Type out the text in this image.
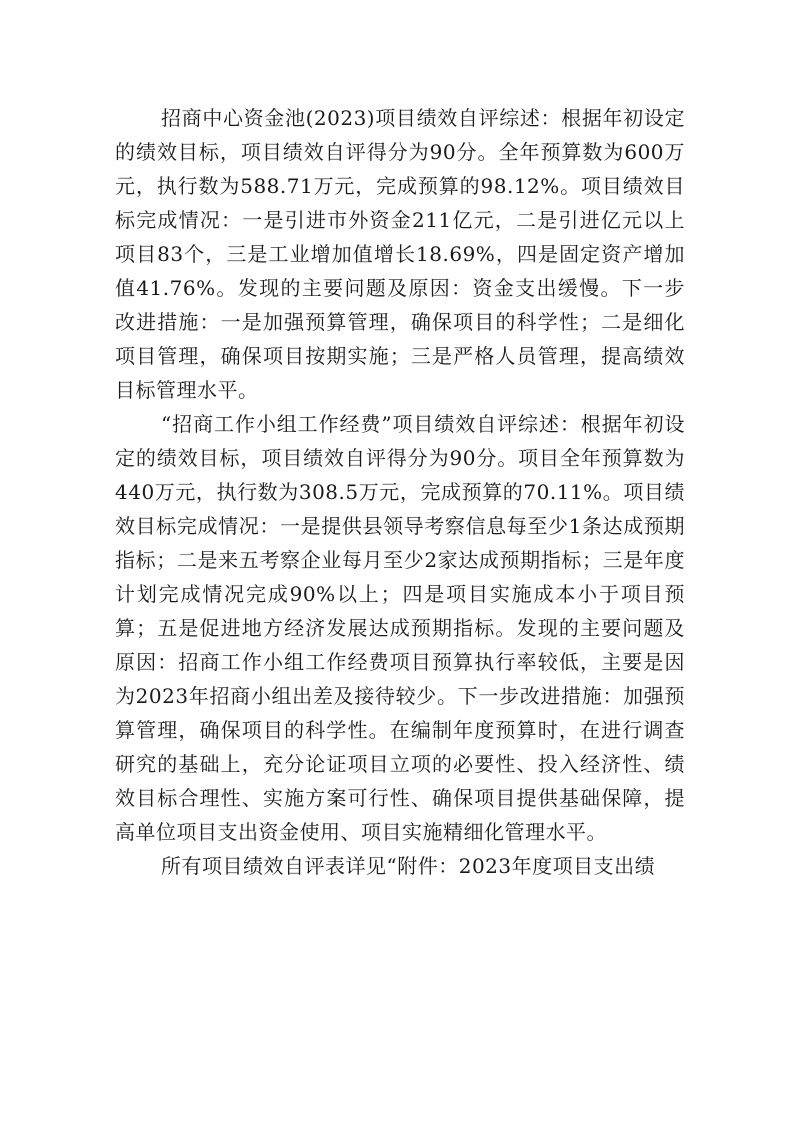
招商中心资金池(2023)项目绩效自评综述：根据年初设定的绩效目标，项目绩效自评得分为90分。全年预算数为600万元，执行数为588.71万元，完成预算的98.12%。项目绩效目标完成情况：一是引进市外资金211亿元，二是引进亿元以上项目83个，三是工业增加值增长18.69%，四是固定资产增加值41.76%。发现的主要问题及原因：资金支出缓慢。下一步改进措施：一是加强预算管理，确保项目的科学性；二是细化项目管理，确保项目按期实施；三是严格人员管理，提高绩效目标管理水平。

“招商工作小组工作经费”项目绩效自评综述：根据年初设定的绩效目标，项目绩效自评得分为90分。项目全年预算数为440万元，执行数为308.5万元，完成预算的70.11%。项目绩效目标完成情况：一是提供县领导考察信息每至少1条达成预期指标；二是来五考察企业每月至少2家达成预期指标；三是年度计划完成情况完成90%以上；四是项目实施成本小于项目预算；五是促进地方经济发展达成预期指标。发现的主要问题及原因：招商工作小组工作经费项目预算执行率较低，主要是因为2023年招商小组出差及接待较少。下一步改进措施：加强预算管理，确保项目的科学性。在编制年度预算时，在进行调查研究的基础上，充分论证项目立项的必要性、投入经济性、绩效目标合理性、实施方案可行性、确保项目提供基础保障，提高单位项目支出资金使用、项目实施精细化管理水平。

所有项目绩效自评表详见“附件：2023年度项目支出绩
